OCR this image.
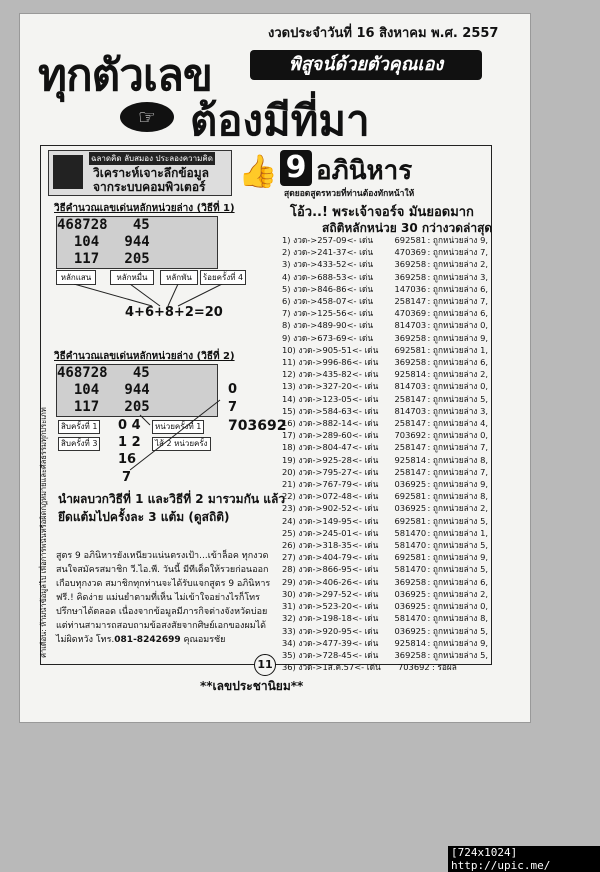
งวดประจำวันที่ 16 สิงหาคม พ.ศ. 2557
ทุกตัวเลข	พิสูจน์ด้วยตัวคุณเอง
☞ ต้องมีที่มา
ฉลาดคิด ลับสมอง ประลองความคิด
วิเคราะห์เจาะลึกข้อมูล
จากระบบคอมพิวเตอร์ 👍 9 อภินิหาร
สุดยอดสูตรหวยที่ท่านต้องทักหน้าให้
วิธีคำนวณเลขเด่นหลักหน่วยล่าง (วิธีที่ 1)
468728   45
104   944
117   205
หลักแสน	หลักหมื่น	หลักพัน	ร้อยครั้งที่ 4
4+6+8+2=20
วิธีคำนวณเลขเด่นหลักหน่วยล่าง (วิธีที่ 2)
468728   45
104   944
117   205
สิบครั้งที่ 1
สิบครั้งที่ 3
หน่วยครั้งที่ 1
ไส้ 2 หน่วยครั้ง
0 4
1 2
16
7
0
7
703692
นำผลบวกวิธีที่ 1 และวิธีที่ 2 มารวมกัน แล้วยึดแต้มไปครั้งละ 3 แต้ม (ดูสถิติ)
สูตร 9 อภินิหารยังเหนียวแน่นตรงเป้า...เข้าล็อค ทุกงวด สนใจสมัครสมาชิก วี.ไอ.พี. วันนี้ มีทีเด็ดให้รวยก่อนออก เกือบทุกงวด สมาชิกทุกท่านจะได้รับแจกสูตร 9 อภินิหาร ฟรี.! คิดง่าย แม่นยำตามที่เห็น ไม่เข้าใจอย่างไรก็โทร ปรึกษาได้ตลอด เนื่องจากข้อมูลมีภารกิจต่างจังหวัดบ่อย แต่ท่านสามารถสอบถามข้อสงสัยจากศิษย์เอกของผมได้ ไม่ผิดหวัง โทร.081-8242699 คุณอมรชัย
คำเตือน: ห้ามนำข้อมูลไป เพื่อการพนันหรือผิดกฎหมายและศีลธรรมทุกประเภท
โอ้ว..! พระเจ้าจอร์จ มันยอดมาก
สถิติหลักหน่วย 30 กว่างวดล่าสุด
1) งวด->257-09<- เด่น	692581 : ถูกหน่วยล่าง 9,
2) งวด->241-37<- เด่น	470369 : ถูกหน่วยล่าง 7,
3) งวด->433-52<- เด่น	369258 : ถูกหน่วยล่าง 2,
4) งวด->688-53<- เด่น	369258 : ถูกหน่วยล่าง 3,
5) งวด->846-86<- เด่น	147036 : ถูกหน่วยล่าง 6,
6) งวด->458-07<- เด่น	258147 : ถูกหน่วยล่าง 7,
7) งวด->125-56<- เด่น	470369 : ถูกหน่วยล่าง 6,
8) งวด->489-90<- เด่น	814703 : ถูกหน่วยล่าง 0,
9) งวด->673-69<- เด่น	369258 : ถูกหน่วยล่าง 9,
10) งวด->905-51<- เด่น	692581 : ถูกหน่วยล่าง 1,
11) งวด->996-86<- เด่น	369258 : ถูกหน่วยล่าง 6,
12) งวด->435-82<- เด่น	925814 : ถูกหน่วยล่าง 2,
13) งวด->327-20<- เด่น	814703 : ถูกหน่วยล่าง 0,
14) งวด->123-05<- เด่น	258147 : ถูกหน่วยล่าง 5,
15) งวด->584-63<- เด่น	814703 : ถูกหน่วยล่าง 3,
16) งวด->882-14<- เด่น	258147 : ถูกหน่วยล่าง 4,
17) งวด->289-60<- เด่น	703692 : ถูกหน่วยล่าง 0,
18) งวด->804-47<- เด่น	258147 : ถูกหน่วยล่าง 7,
19) งวด->925-28<- เด่น	925814 : ถูกหน่วยล่าง 8,
20) งวด->795-27<- เด่น	258147 : ถูกหน่วยล่าง 7,
21) งวด->767-79<- เด่น	036925 : ถูกหน่วยล่าง 9,
22) งวด->072-48<- เด่น	692581 : ถูกหน่วยล่าง 8,
23) งวด->902-52<- เด่น	036925 : ถูกหน่วยล่าง 2,
24) งวด->149-95<- เด่น	692581 : ถูกหน่วยล่าง 5,
25) งวด->245-01<- เด่น	581470 : ถูกหน่วยล่าง 1,
26) งวด->318-35<- เด่น	581470 : ถูกหน่วยล่าง 5,
27) งวด->404-79<- เด่น	692581 : ถูกหน่วยล่าง 9,
28) งวด->866-95<- เด่น	581470 : ถูกหน่วยล่าง 5,
29) งวด->406-26<- เด่น	369258 : ถูกหน่วยล่าง 6,
30) งวด->297-52<- เด่น	036925 : ถูกหน่วยล่าง 2,
31) งวด->523-20<- เด่น	036925 : ถูกหน่วยล่าง 0,
32) งวด->198-18<- เด่น	581470 : ถูกหน่วยล่าง 8,
33) งวด->920-95<- เด่น	036925 : ถูกหน่วยล่าง 5,
34) งวด->477-39<- เด่น	925814 : ถูกหน่วยล่าง 9,
35) งวด->728-45<- เด่น	369258 : ถูกหน่วยล่าง 5,
36) งวด->1ส.ค.57<- เด่น	703692 : รอผล
11
**เลขประชานิยม**
[724x1024] http://upic.me/
